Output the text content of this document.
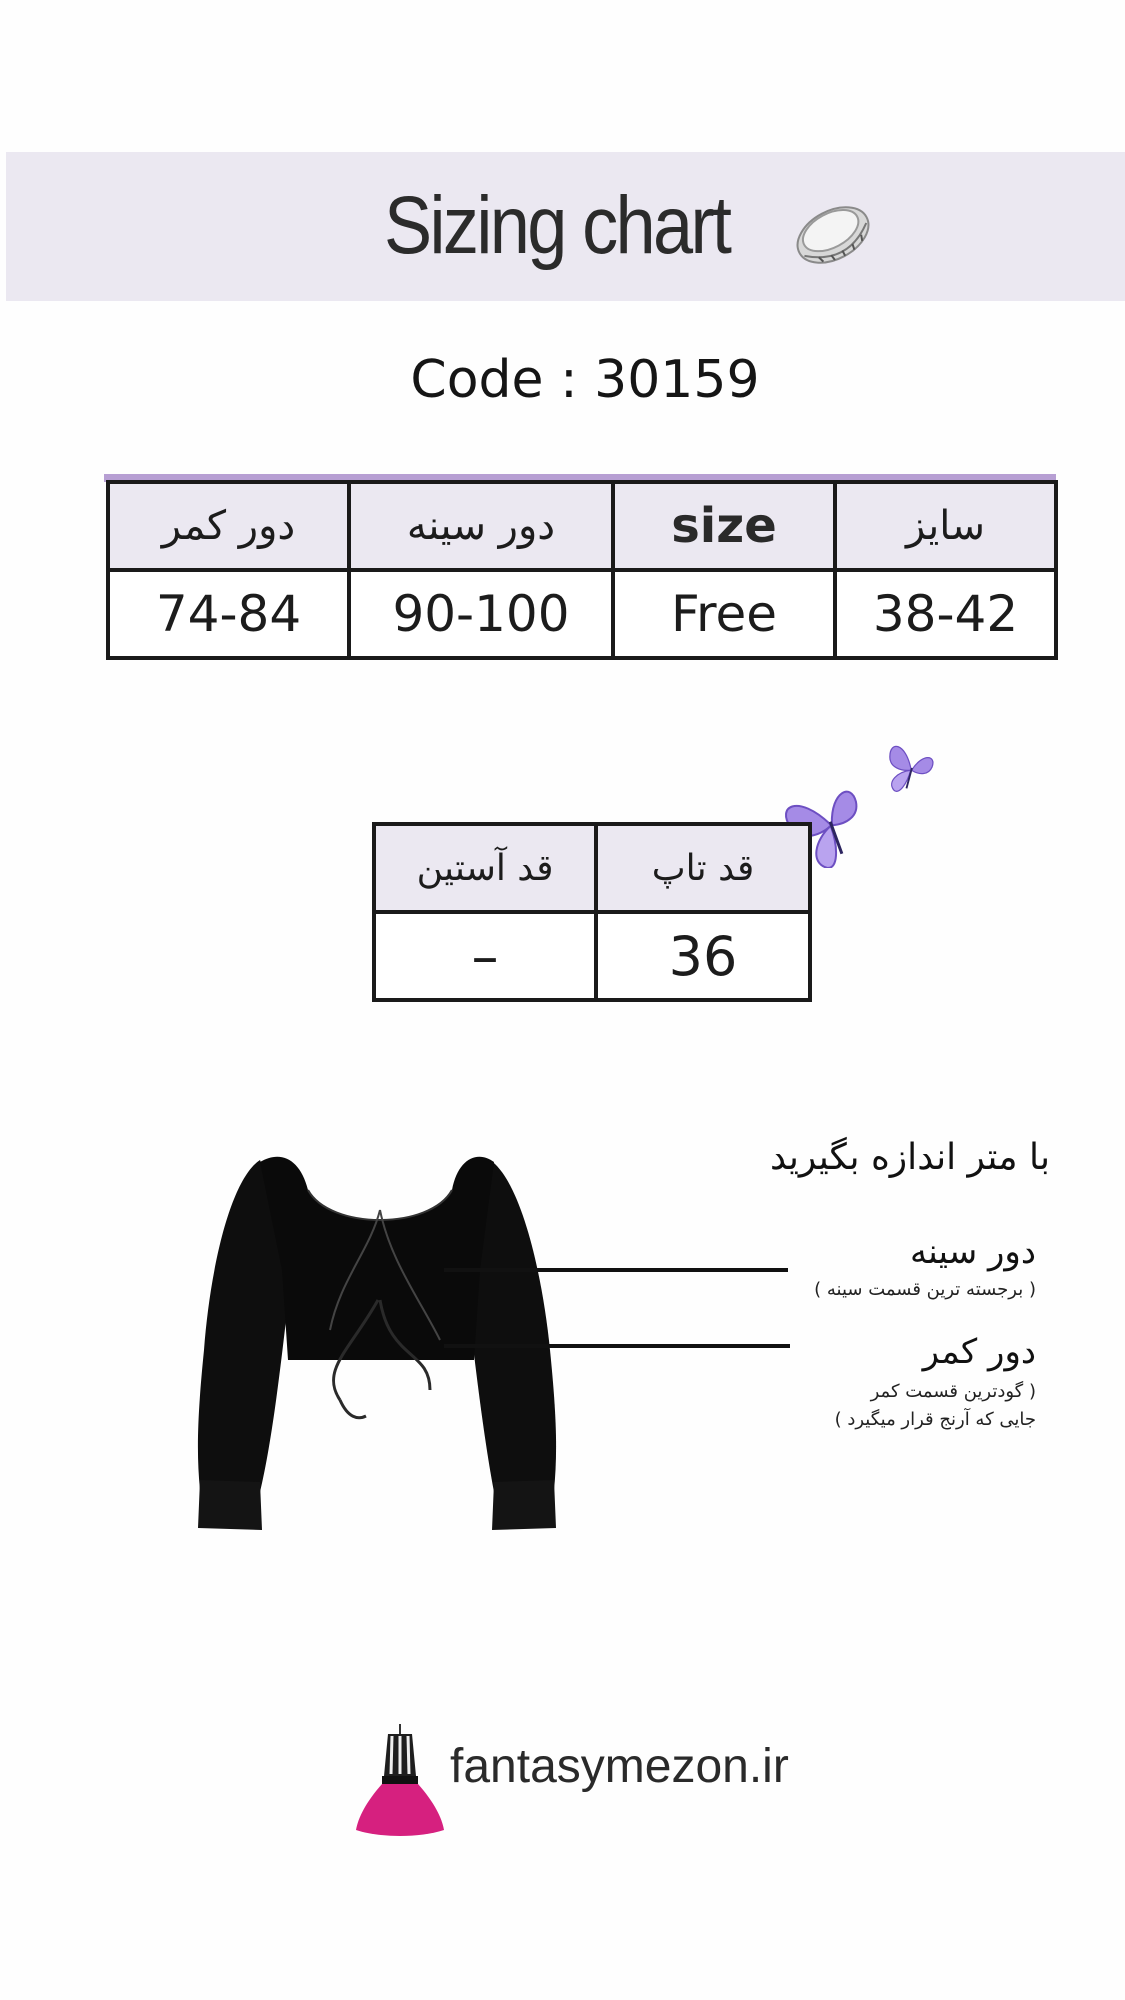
Sizing chart
Code : 30159
دور کمر	دور سینه	size	سایز
74-84	90-100	Free	38-42
قد آستین	قد تاپ
–	36
با متر اندازه بگیرید
دور سینه
( برجسته ترین قسمت سینه )
دور کمر
( گودترین قسمت کمر
جایی که آرنج قرار میگیرد )
fantasymezon.ir
